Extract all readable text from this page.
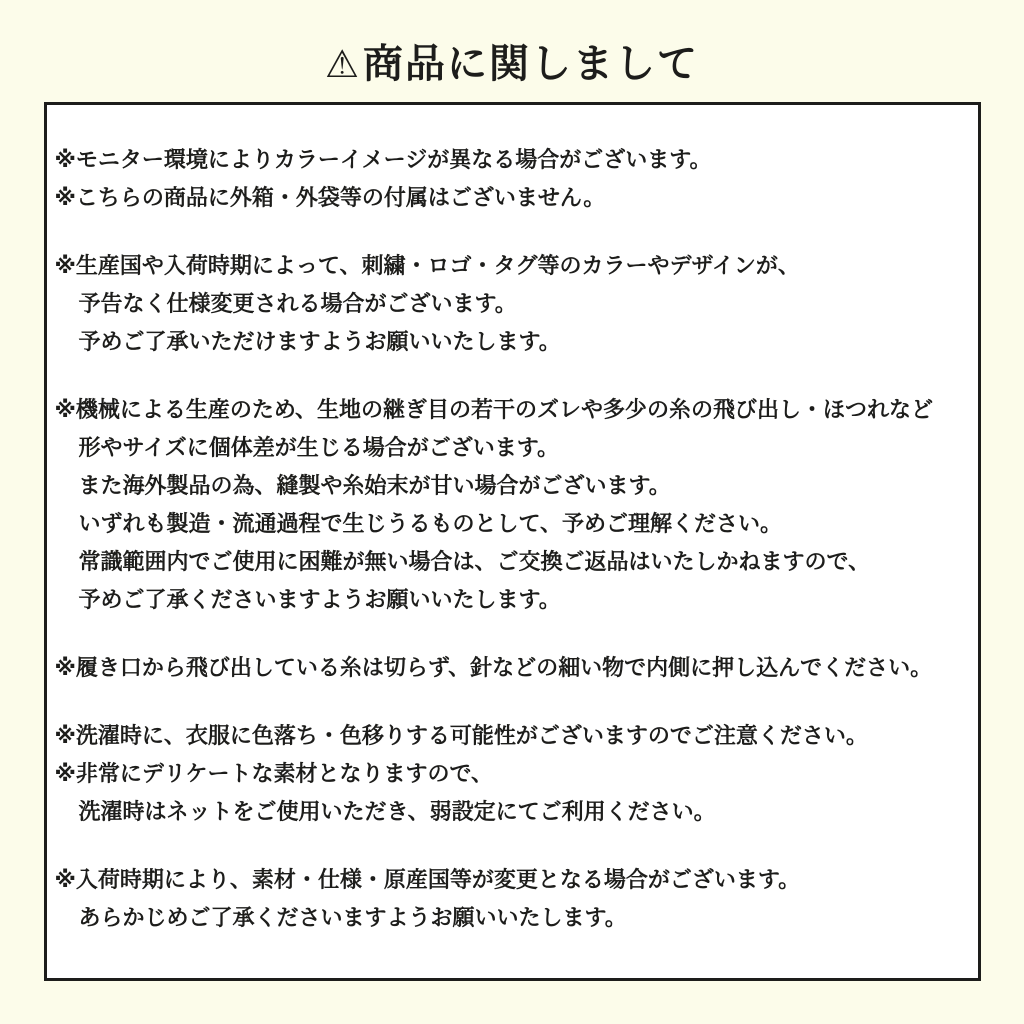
⚠商品に関しまして
※モニター環境によりカラーイメージが異なる場合がございます。
※こちらの商品に外箱・外袋等の付属はございません。
※生産国や入荷時期によって、刺繍・ロゴ・タグ等のカラーやデザインが、
予告なく仕様変更される場合がございます。
予めご了承いただけますようお願いいたします。
※機械による生産のため、生地の継ぎ目の若干のズレや多少の糸の飛び出し・ほつれなど
形やサイズに個体差が生じる場合がございます。
また海外製品の為、縫製や糸始末が甘い場合がございます。
いずれも製造・流通過程で生じうるものとして、予めご理解ください。
常識範囲内でご使用に困難が無い場合は、ご交換ご返品はいたしかねますので、
予めご了承くださいますようお願いいたします。
※履き口から飛び出している糸は切らず、針などの細い物で内側に押し込んでください。
※洗濯時に、衣服に色落ち・色移りする可能性がございますのでご注意ください。
※非常にデリケートな素材となりますので、
洗濯時はネットをご使用いただき、弱設定にてご利用ください。
※入荷時期により、素材・仕様・原産国等が変更となる場合がございます。
あらかじめご了承くださいますようお願いいたします。
